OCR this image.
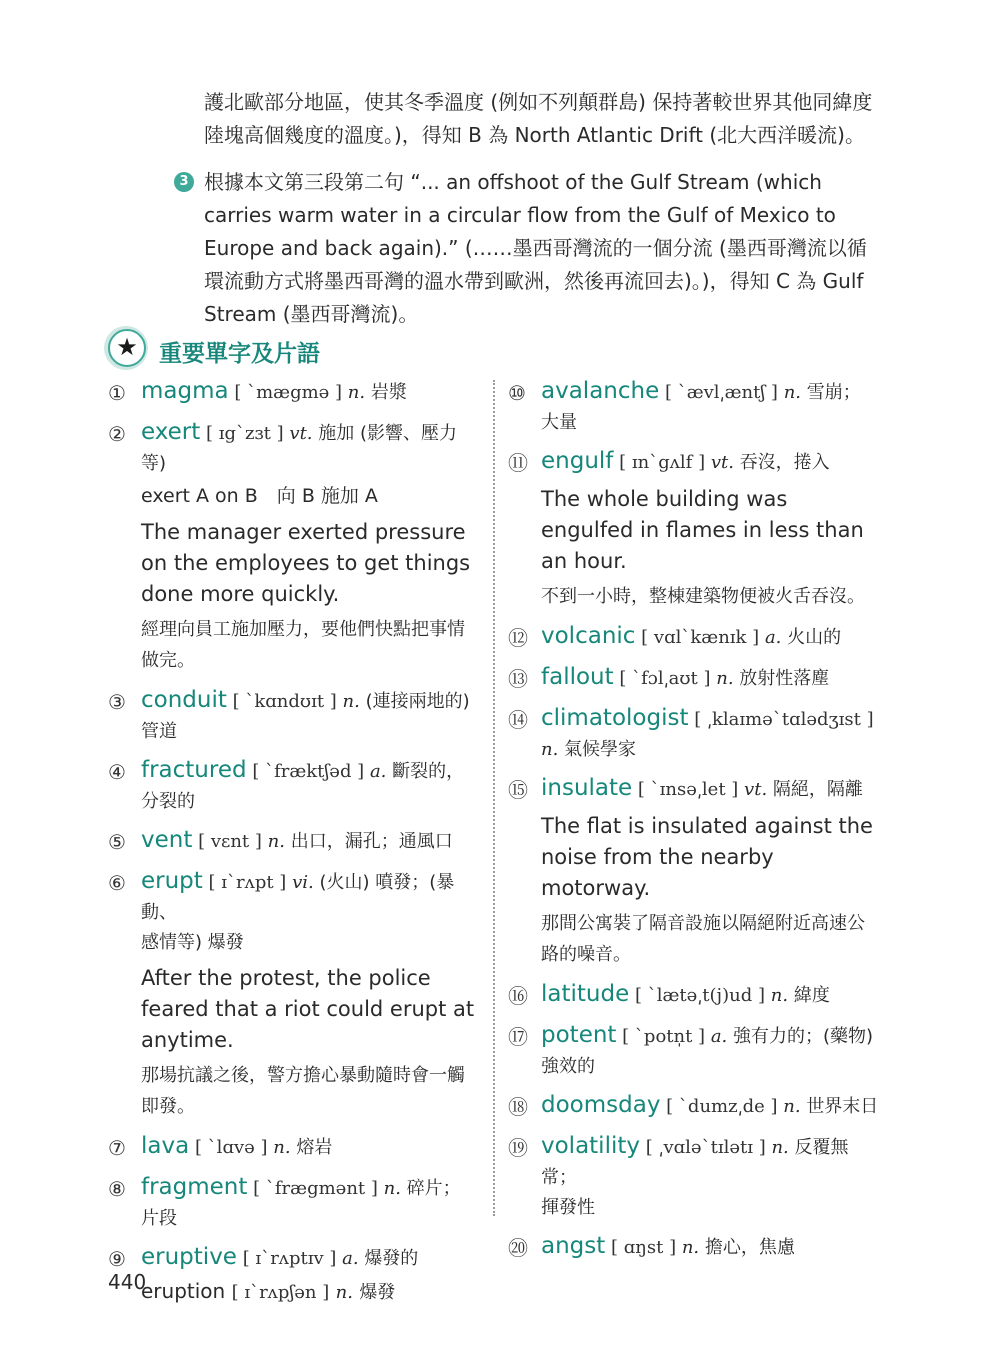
護北歐部分地區，使其冬季溫度 (例如不列顛群島) 保持著較世界其他同緯度陸塊高個幾度的溫度。)，得知 B 為 North Atlantic Drift (北大西洋暖流)。

3 根據本文第三段第二句 “... an offshoot of the Gulf Stream (which carries warm water in a circular flow from the Gulf of Mexico to Europe and back again).” (……墨西哥灣流的一個分流 (墨西哥灣流以循環流動方式將墨西哥灣的溫水帶到歐洲，然後再流回去)。)，得知 C 為 Gulf Stream (墨西哥灣流)。

★ 重要單字及片語
① magma [ ˋmægmə ] n. 岩漿
② exert [ ɪgˋzɜt ] vt. 施加 (影響、壓力等)
exert A on B　向 B 施加 A
The manager exerted pressure on the employees to get things done more quickly.
經理向員工施加壓力，要他們快點把事情做完。
③ conduit [ ˋkɑndʊɪt ] n. (連接兩地的)
管道
④ fractured [ ˋfræktʃəd ] a. 斷裂的，
分裂的
⑤ vent [ vɛnt ] n. 出口，漏孔；通風口
⑥ erupt [ ɪˋrʌpt ] vi. (火山) 噴發；(暴動、
感情等) 爆發
After the protest, the police feared that a riot could erupt at anytime.
那場抗議之後，警方擔心暴動隨時會一觸即發。
⑦ lava [ ˋlɑvə ] n. 熔岩
⑧ fragment [ ˋfrægmənt ] n. 碎片；
片段
⑨ eruptive [ ɪˋrʌptɪv ] a. 爆發的
eruption [ ɪˋrʌpʃən ] n. 爆發
⑩ avalanche [ ˋævl͵æntʃ ] n. 雪崩；
大量
⑪ engulf [ ɪnˋgʌlf ] vt. 吞沒，捲入
The whole building was engulfed in flames in less than an hour.
不到一小時，整棟建築物便被火舌吞沒。
⑫ volcanic [ vɑlˋkænɪk ] a. 火山的
⑬ fallout [ ˋfɔl͵aʊt ] n. 放射性落塵
⑭ climatologist [ ͵klaɪməˋtɑlədʒɪst ]
n. 氣候學家
⑮ insulate [ ˋɪnsə͵let ] vt. 隔絕，隔離
The flat is insulated against the noise from the nearby motorway.
那間公寓裝了隔音設施以隔絕附近高速公路的噪音。
⑯ latitude [ ˋlætə͵t(j)ud ] n. 緯度
⑰ potent [ ˋpotn̩t ] a. 強有力的；(藥物)
強效的
⑱ doomsday [ ˋdumz͵de ] n. 世界末日
⑲ volatility [ ͵vɑləˋtɪlətɪ ] n. 反覆無常；
揮發性
⑳ angst [ ɑŋst ] n. 擔心，焦慮
440
